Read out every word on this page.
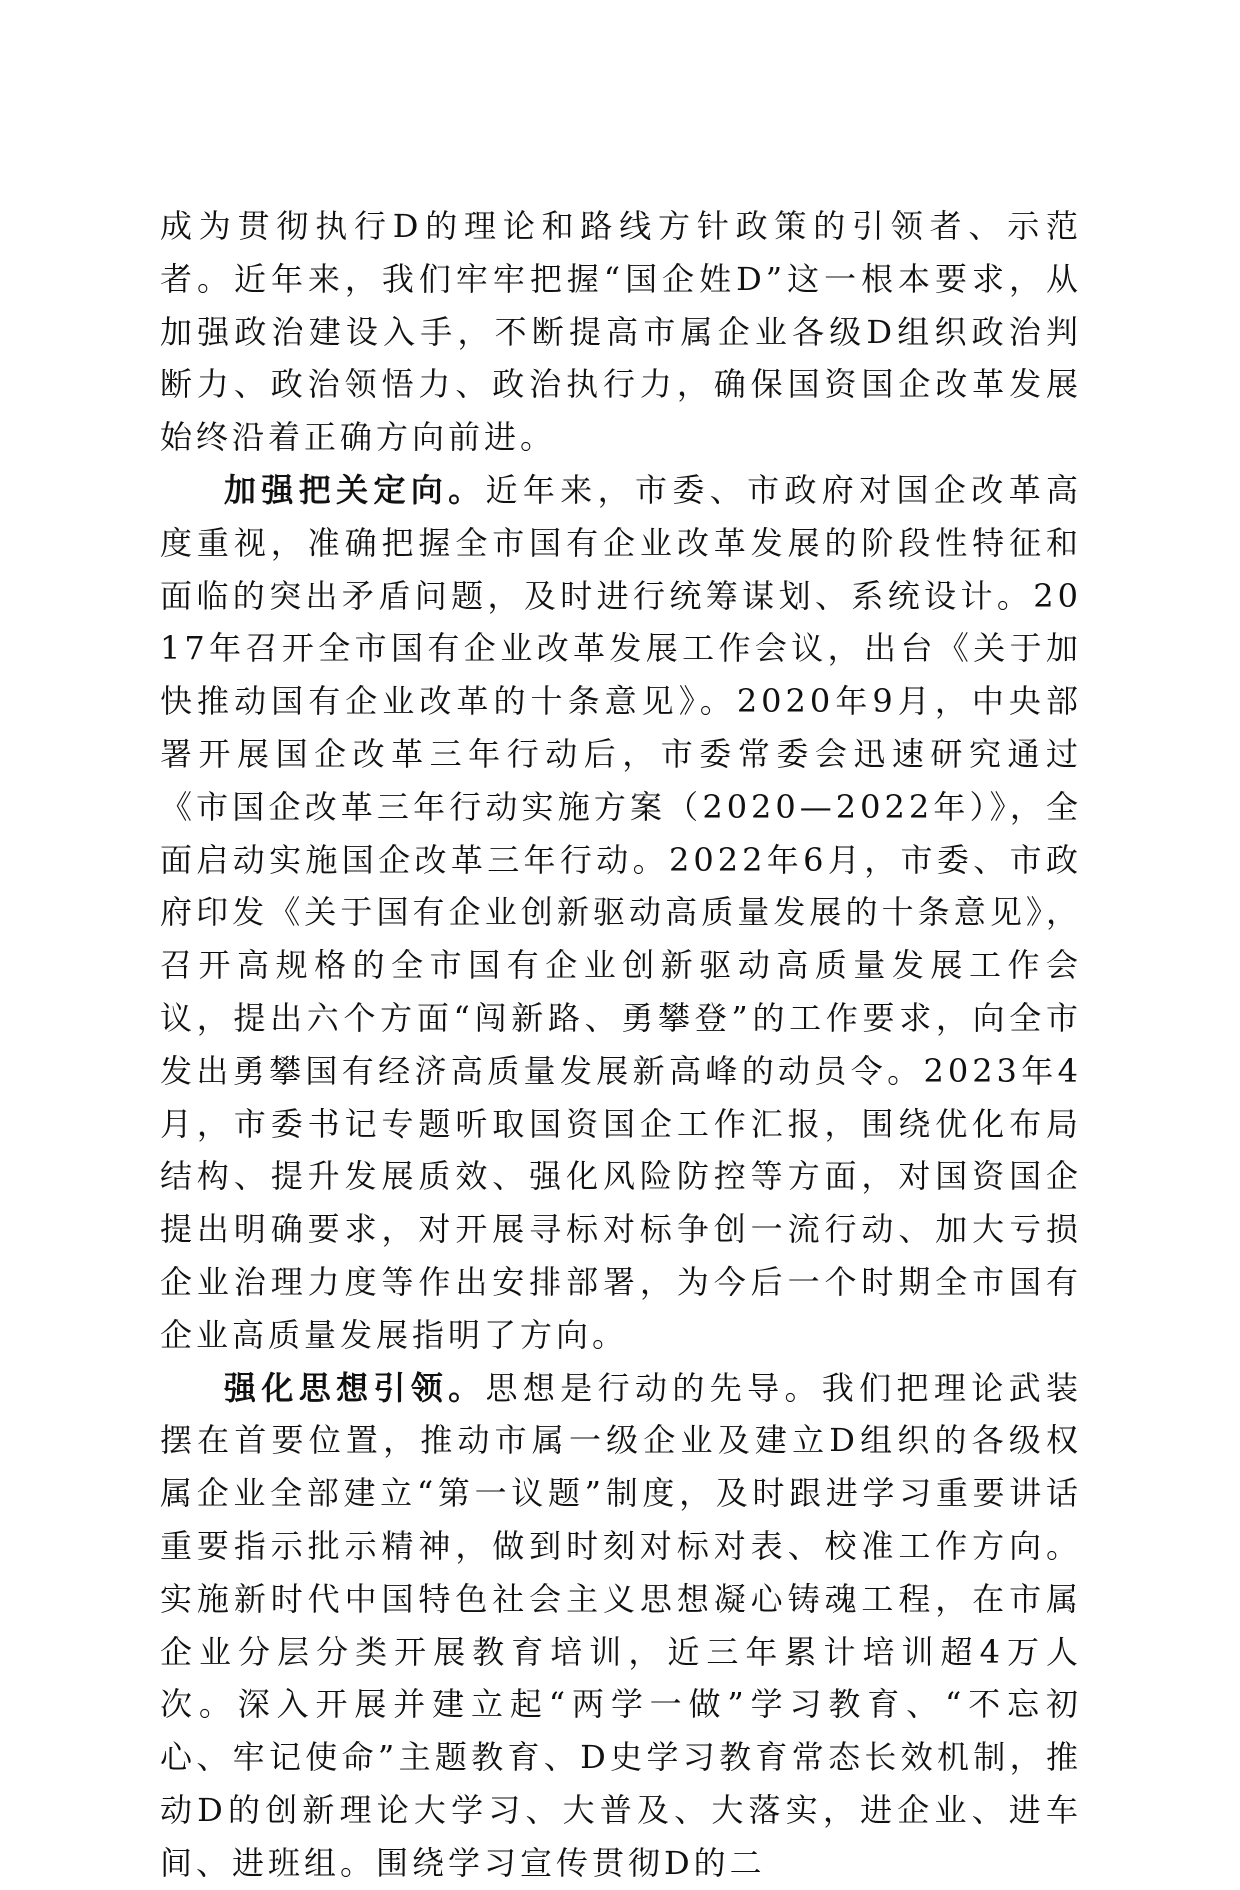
成为贯彻执行D的理论和路线方针政策的引领者、示范者。近年来，我们牢牢把握“国企姓D”这一根本要求，从加强政治建设入手，不断提高市属企业各级D组织政治判断力、政治领悟力、政治执行力，确保国资国企改革发展始终沿着正确方向前进。

加强把关定向。近年来，市委、市政府对国企改革高度重视，准确把握全市国有企业改革发展的阶段性特征和面临的突出矛盾问题，及时进行统筹谋划、系统设计。2017年召开全市国有企业改革发展工作会议，出台《关于加快推动国有企业改革的十条意见》。2020年9月，中央部署开展国企改革三年行动后，市委常委会迅速研究通过《市国企改革三年行动实施方案（2020—2022年）》，全面启动实施国企改革三年行动。2022年6月，市委、市政府印发《关于国有企业创新驱动高质量发展的十条意见》，召开高规格的全市国有企业创新驱动高质量发展工作会议，提出六个方面“闯新路、勇攀登”的工作要求，向全市发出勇攀国有经济高质量发展新高峰的动员令。2023年4月，市委书记专题听取国资国企工作汇报，围绕优化布局结构、提升发展质效、强化风险防控等方面，对国资国企提出明确要求，对开展寻标对标争创一流行动、加大亏损企业治理力度等作出安排部署，为今后一个时期全市国有企业高质量发展指明了方向。

强化思想引领。思想是行动的先导。我们把理论武装摆在首要位置，推动市属一级企业及建立D组织的各级权属企业全部建立“第一议题”制度，及时跟进学习重要讲话重要指示批示精神，做到时刻对标对表、校准工作方向。实施新时代中国特色社会主义思想凝心铸魂工程，在市属企业分层分类开展教育培训，近三年累计培训超4万人次。深入开展并建立起“两学一做”学习教育、“不忘初心、牢记使命”主题教育、D史学习教育常态长效机制，推动D的创新理论大学习、大普及、大落实，进企业、进车间、进班组。围绕学习宣传贯彻D的二
